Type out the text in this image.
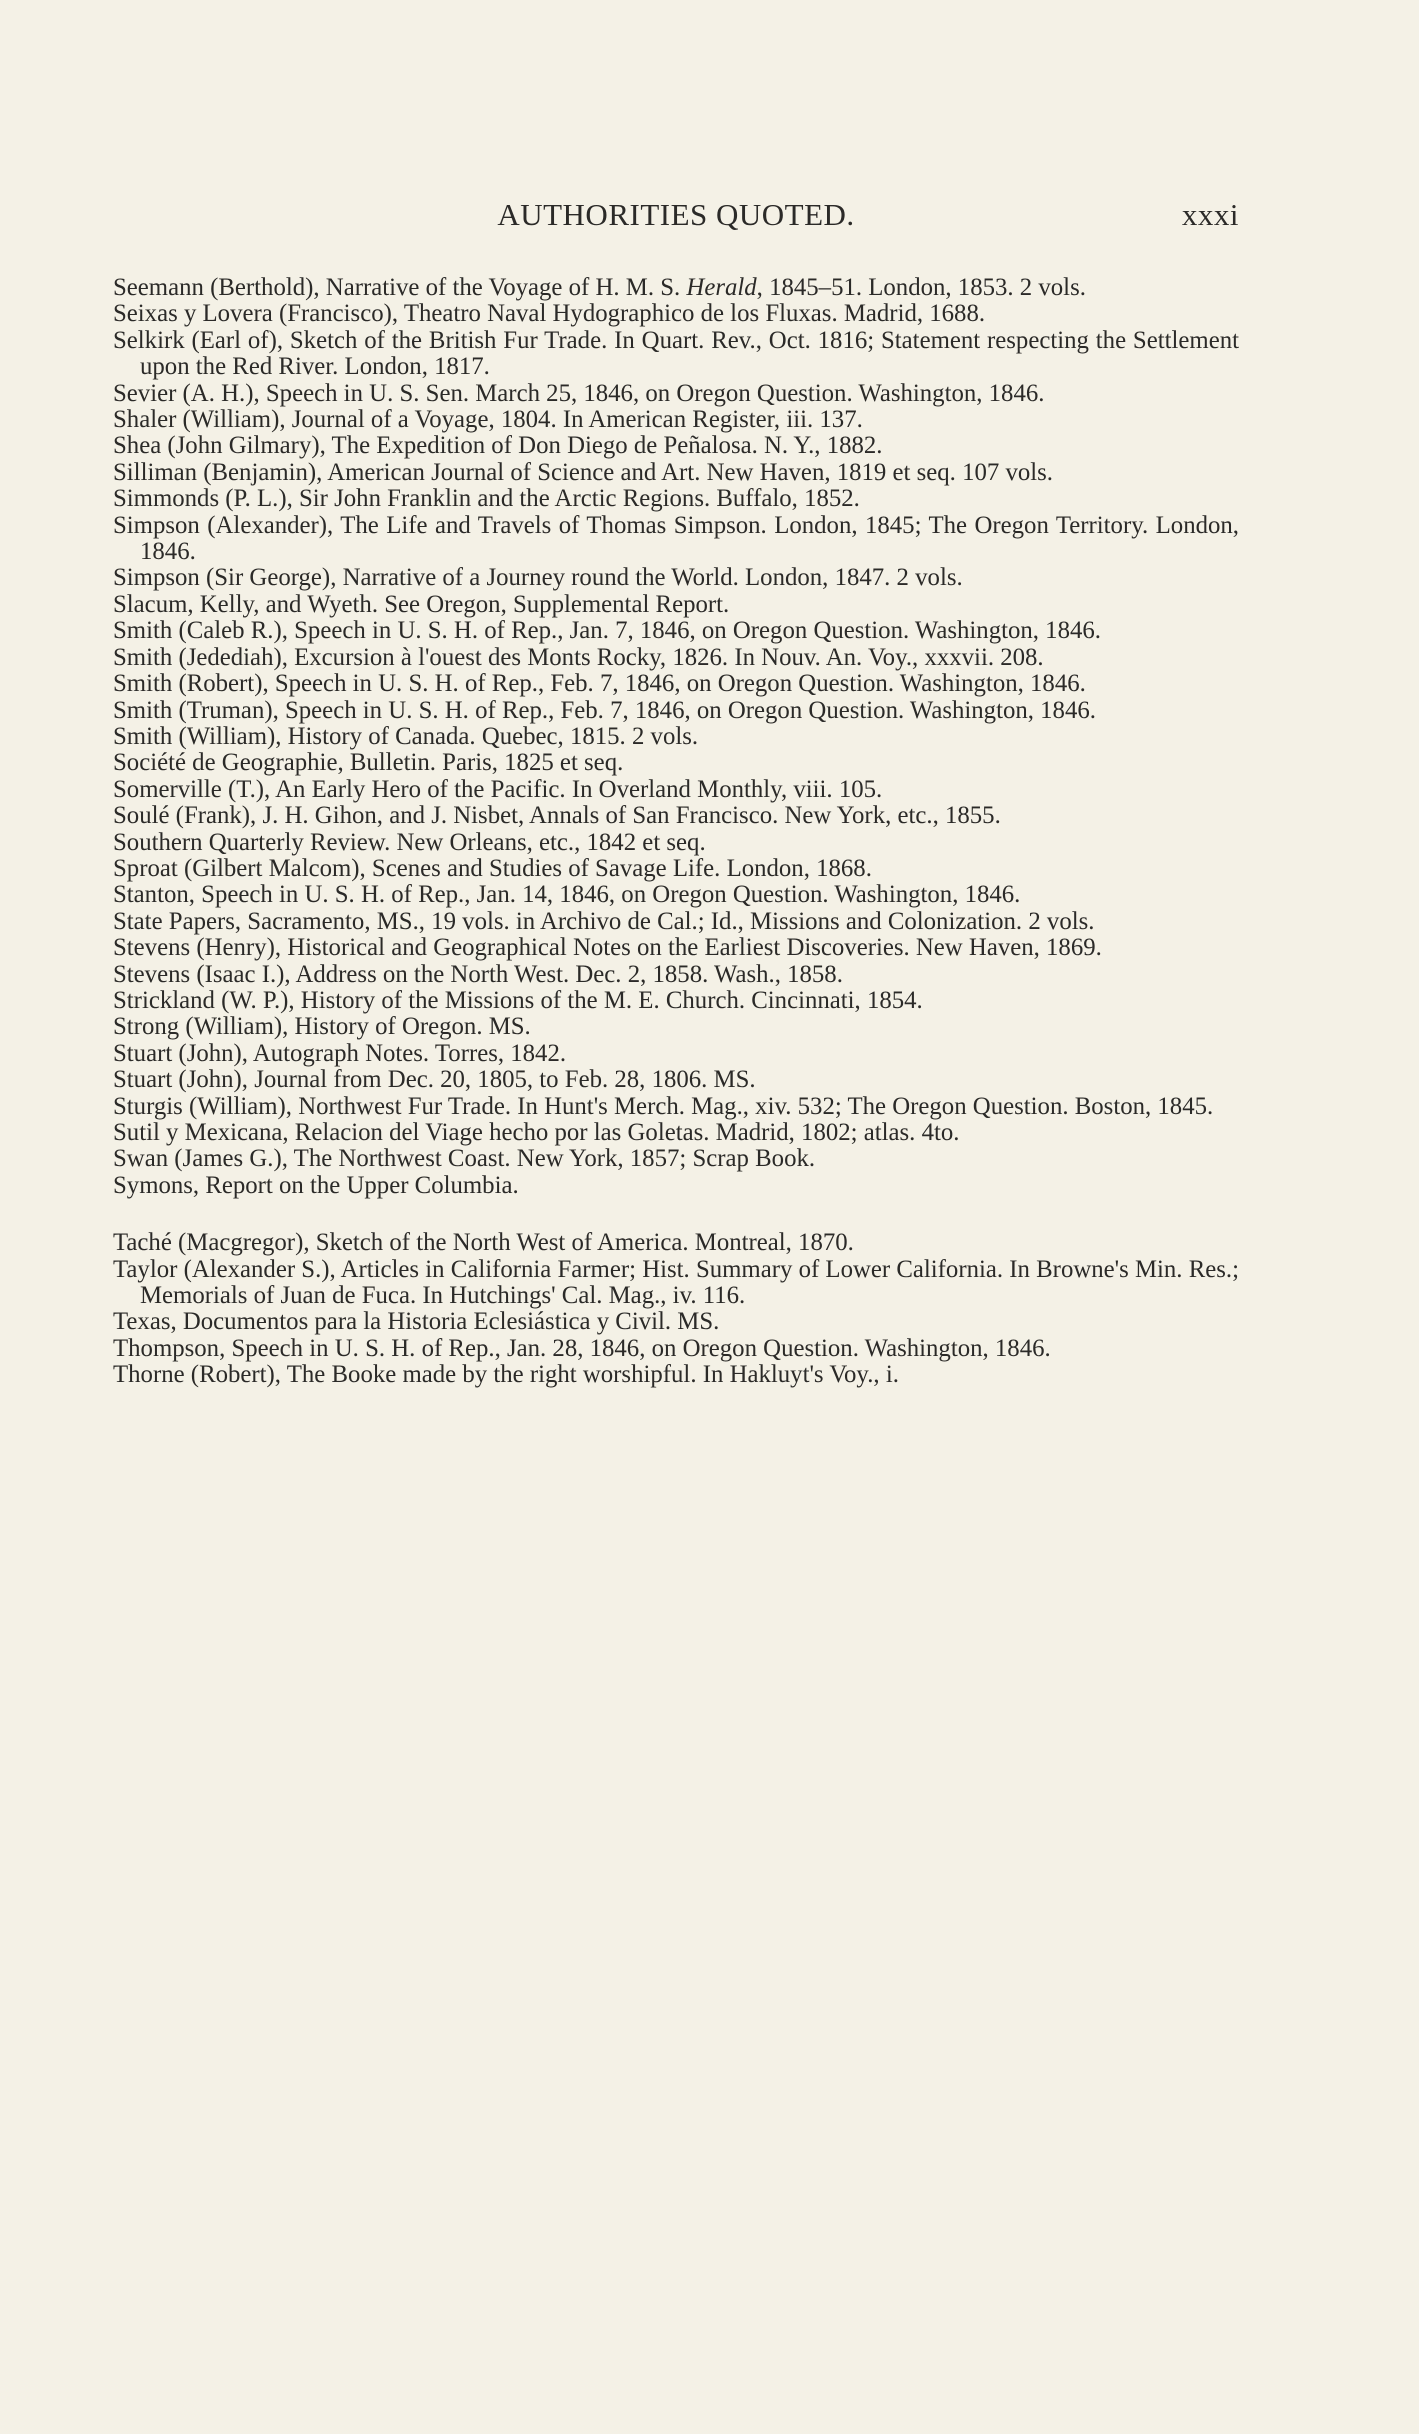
AUTHORITIES QUOTED.	xxxi
Seemann (Berthold), Narrative of the Voyage of H. M. S. Herald, 1845–51. London, 1853. 2 vols.
Seixas y Lovera (Francisco), Theatro Naval Hydographico de los Fluxas. Madrid, 1688.
Selkirk (Earl of), Sketch of the British Fur Trade. In Quart. Rev., Oct. 1816; Statement respecting the Settlement upon the Red River. London, 1817.
Sevier (A. H.), Speech in U. S. Sen. March 25, 1846, on Oregon Question. Washington, 1846.
Shaler (William), Journal of a Voyage, 1804. In American Register, iii. 137.
Shea (John Gilmary), The Expedition of Don Diego de Peñalosa. N. Y., 1882.
Silliman (Benjamin), American Journal of Science and Art. New Haven, 1819 et seq. 107 vols.
Simmonds (P. L.), Sir John Franklin and the Arctic Regions. Buffalo, 1852.
Simpson (Alexander), The Life and Travels of Thomas Simpson. London, 1845; The Oregon Territory. London, 1846.
Simpson (Sir George), Narrative of a Journey round the World. London, 1847. 2 vols.
Slacum, Kelly, and Wyeth. See Oregon, Supplemental Report.
Smith (Caleb R.), Speech in U. S. H. of Rep., Jan. 7, 1846, on Oregon Question. Washington, 1846.
Smith (Jedediah), Excursion à l'ouest des Monts Rocky, 1826. In Nouv. An. Voy., xxxvii. 208.
Smith (Robert), Speech in U. S. H. of Rep., Feb. 7, 1846, on Oregon Question. Washington, 1846.
Smith (Truman), Speech in U. S. H. of Rep., Feb. 7, 1846, on Oregon Question. Washington, 1846.
Smith (William), History of Canada. Quebec, 1815. 2 vols.
Société de Geographie, Bulletin. Paris, 1825 et seq.
Somerville (T.), An Early Hero of the Pacific. In Overland Monthly, viii. 105.
Soulé (Frank), J. H. Gihon, and J. Nisbet, Annals of San Francisco. New York, etc., 1855.
Southern Quarterly Review. New Orleans, etc., 1842 et seq.
Sproat (Gilbert Malcom), Scenes and Studies of Savage Life. London, 1868.
Stanton, Speech in U. S. H. of Rep., Jan. 14, 1846, on Oregon Question. Washington, 1846.
State Papers, Sacramento, MS., 19 vols. in Archivo de Cal.; Id., Missions and Colonization. 2 vols.
Stevens (Henry), Historical and Geographical Notes on the Earliest Discoveries. New Haven, 1869.
Stevens (Isaac I.), Address on the North West. Dec. 2, 1858. Wash., 1858.
Strickland (W. P.), History of the Missions of the M. E. Church. Cincinnati, 1854.
Strong (William), History of Oregon. MS.
Stuart (John), Autograph Notes. Torres, 1842.
Stuart (John), Journal from Dec. 20, 1805, to Feb. 28, 1806. MS.
Sturgis (William), Northwest Fur Trade. In Hunt's Merch. Mag., xiv. 532; The Oregon Question. Boston, 1845.
Sutil y Mexicana, Relacion del Viage hecho por las Goletas. Madrid, 1802; atlas. 4to.
Swan (James G.), The Northwest Coast. New York, 1857; Scrap Book.
Symons, Report on the Upper Columbia.
Taché (Macgregor), Sketch of the North West of America. Montreal, 1870.
Taylor (Alexander S.), Articles in California Farmer; Hist. Summary of Lower California. In Browne's Min. Res.; Memorials of Juan de Fuca. In Hutchings' Cal. Mag., iv. 116.
Texas, Documentos para la Historia Eclesiástica y Civil. MS.
Thompson, Speech in U. S. H. of Rep., Jan. 28, 1846, on Oregon Question. Washington, 1846.
Thorne (Robert), The Booke made by the right worshipful. In Hakluyt's Voy., i.
